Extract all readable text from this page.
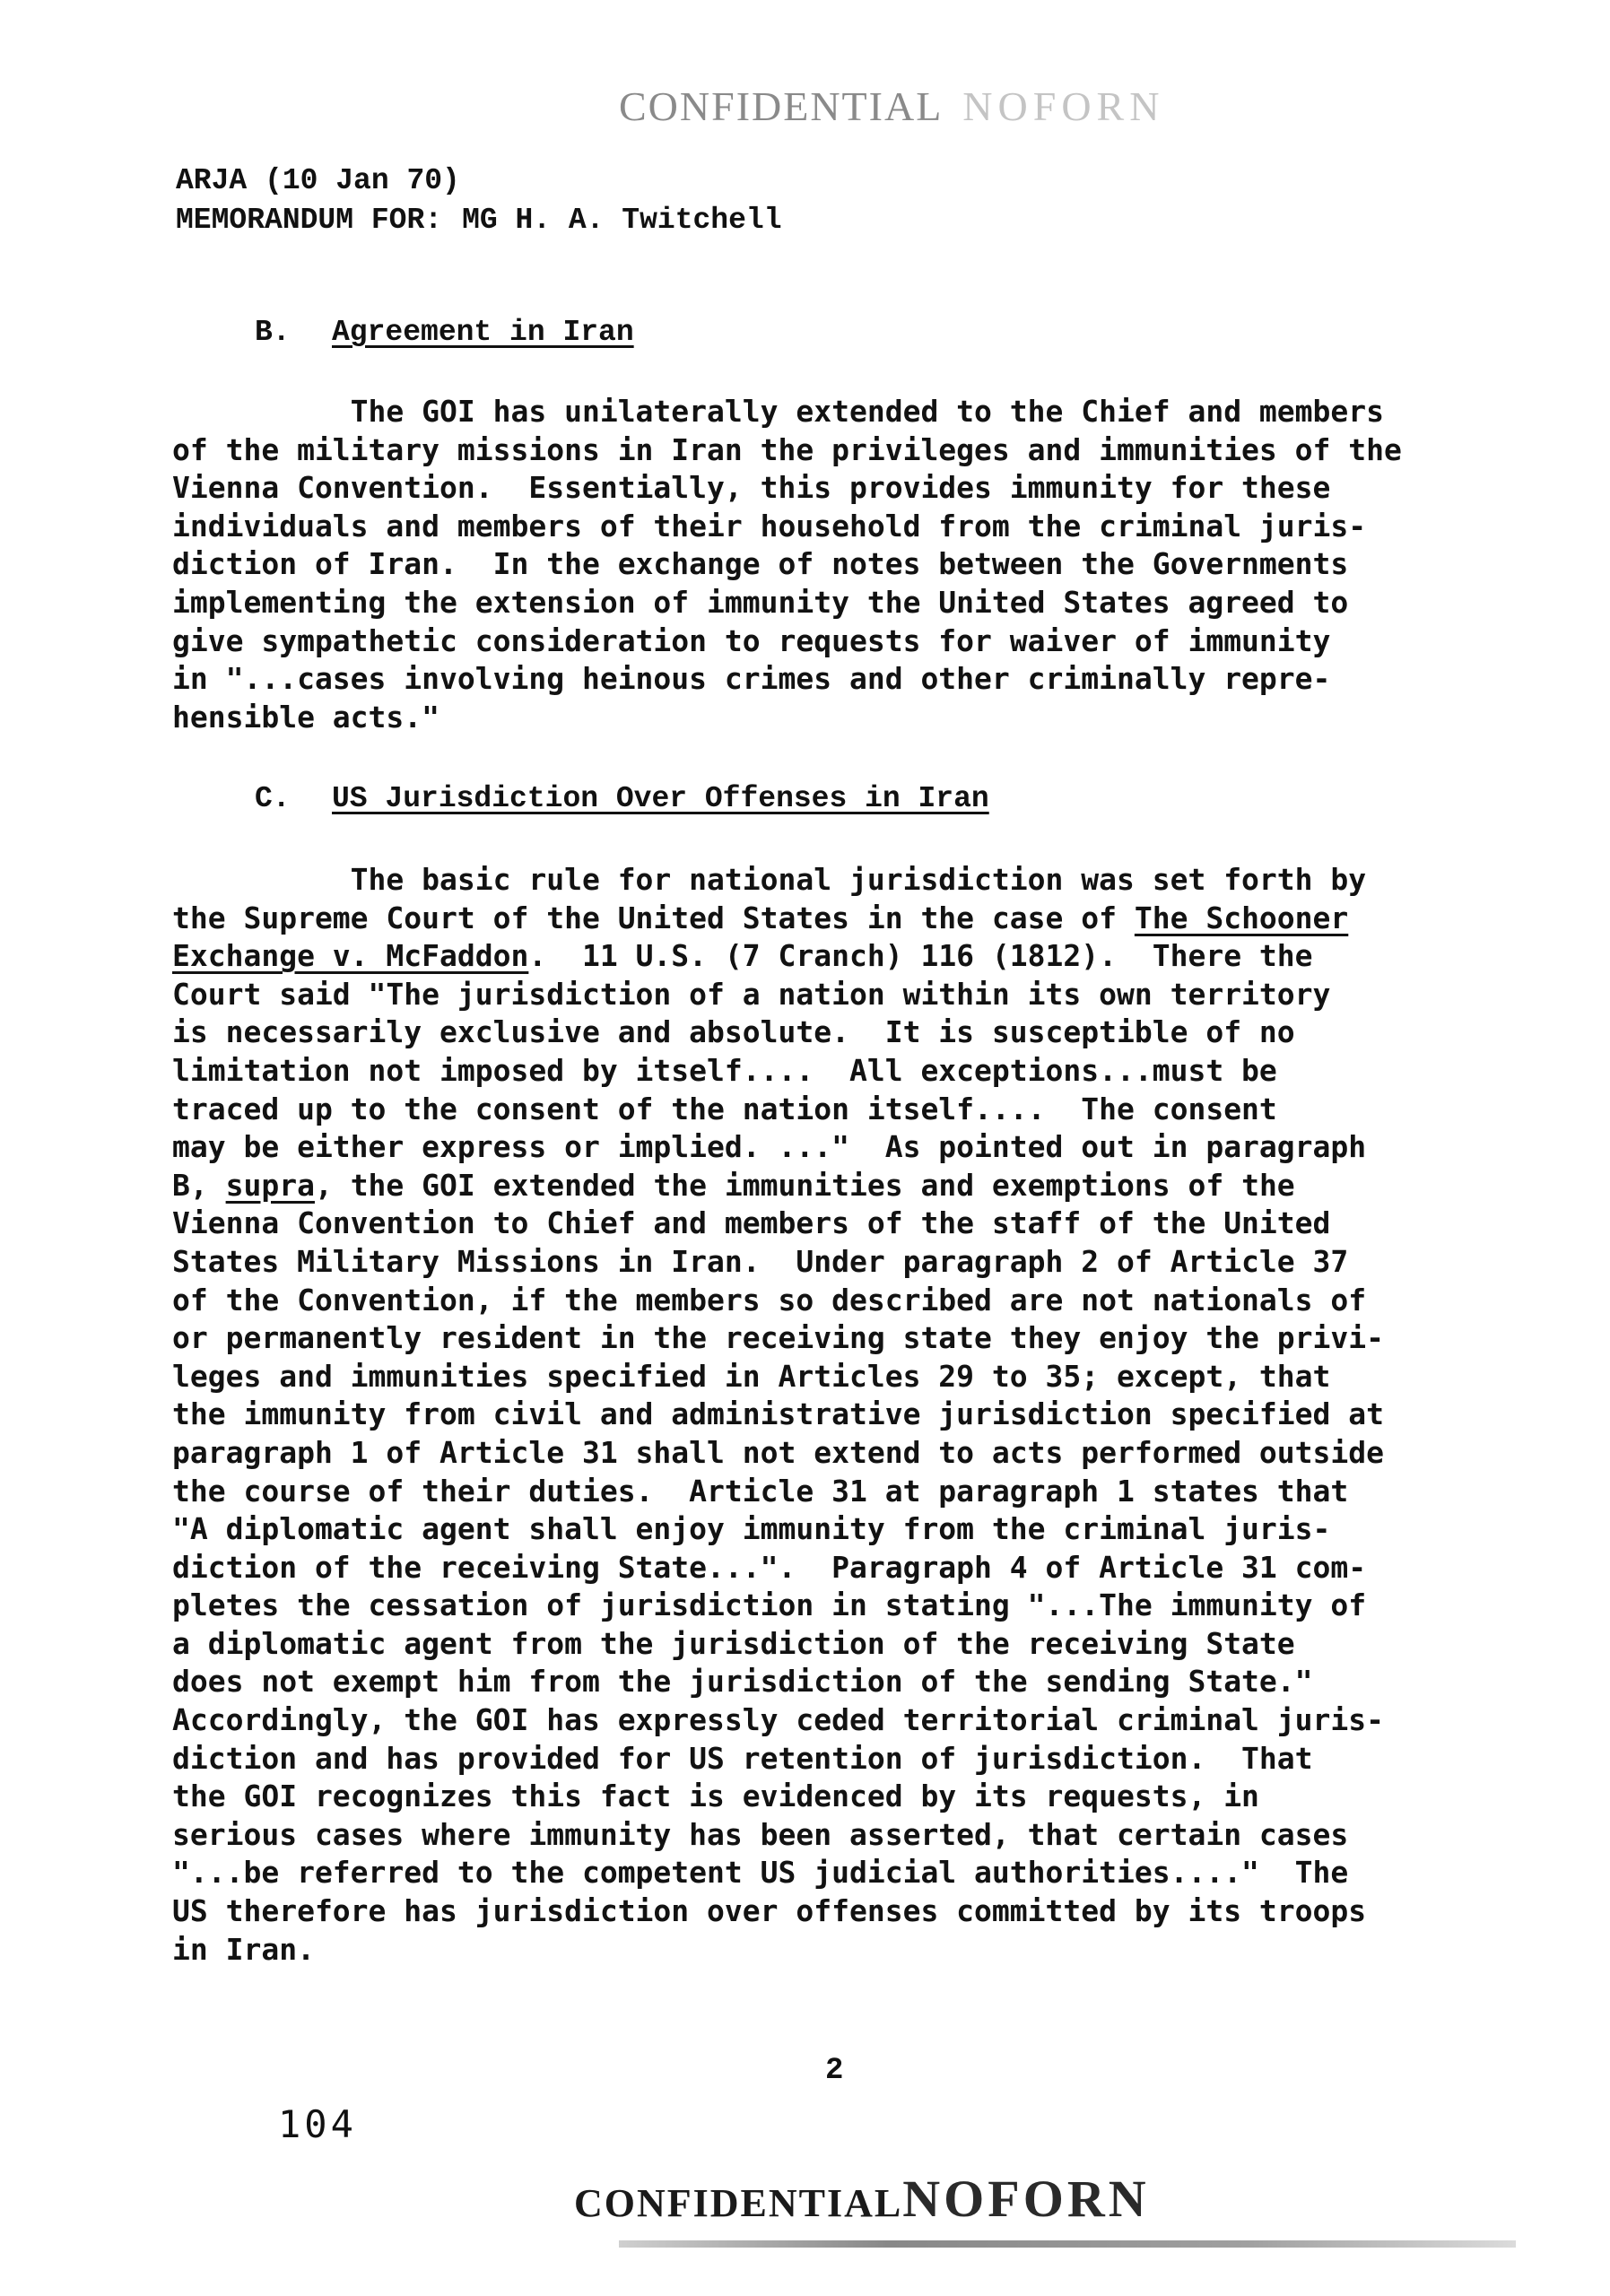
CONFIDENTIAL NOFORN
ARJA (10 Jan 70)
MEMORANDUM FOR: MG H. A. Twitchell
B. Agreement in Iran
The GOI has unilaterally extended to the Chief and members
of the military missions in Iran the privileges and immunities of the
Vienna Convention.  Essentially, this provides immunity for these
individuals and members of their household from the criminal juris-
diction of Iran.  In the exchange of notes between the Governments
implementing the extension of immunity the United States agreed to
give sympathetic consideration to requests for waiver of immunity
in "...cases involving heinous crimes and other criminally repre-
hensible acts."
C. US Jurisdiction Over Offenses in Iran
The basic rule for national jurisdiction was set forth by
the Supreme Court of the United States in the case of The Schooner
Exchange v. McFaddon.  11 U.S. (7 Cranch) 116 (1812).  There the
Court said "The jurisdiction of a nation within its own territory
is necessarily exclusive and absolute.  It is susceptible of no
limitation not imposed by itself....  All exceptions...must be
traced up to the consent of the nation itself....  The consent
may be either express or implied. ..."  As pointed out in paragraph
B, supra, the GOI extended the immunities and exemptions of the
Vienna Convention to Chief and members of the staff of the United
States Military Missions in Iran.  Under paragraph 2 of Article 37
of the Convention, if the members so described are not nationals of
or permanently resident in the receiving state they enjoy the privi-
leges and immunities specified in Articles 29 to 35; except, that
the immunity from civil and administrative jurisdiction specified at
paragraph 1 of Article 31 shall not extend to acts performed outside
the course of their duties.  Article 31 at paragraph 1 states that
"A diplomatic agent shall enjoy immunity from the criminal juris-
diction of the receiving State...".  Paragraph 4 of Article 31 com-
pletes the cessation of jurisdiction in stating "...The immunity of
a diplomatic agent from the jurisdiction of the receiving State
does not exempt him from the jurisdiction of the sending State."
Accordingly, the GOI has expressly ceded territorial criminal juris-
diction and has provided for US retention of jurisdiction.  That
the GOI recognizes this fact is evidenced by its requests, in
serious cases where immunity has been asserted, that certain cases
"...be referred to the competent US judicial authorities...."  The
US therefore has jurisdiction over offenses committed by its troops
in Iran.
2
104
CONFIDENTIALNOFORN
